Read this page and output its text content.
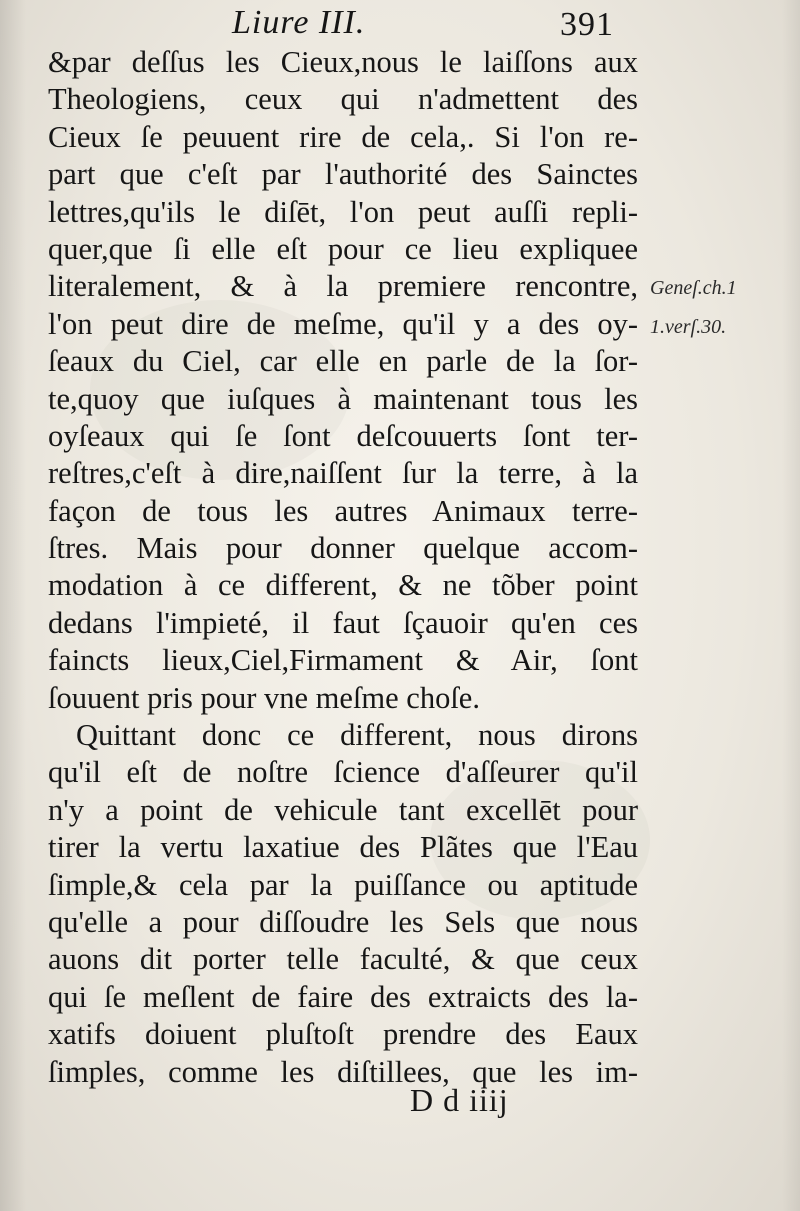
Liure III.	391
&par deſſus les Cieux,nous le laiſſons aux
Theologiens, ceux qui n'admettent des
Cieux ſe peuuent rire de cela,. Si l'on re-
part que c'eſt par l'authorité des Sainctes
lettres,qu'ils le diſēt, l'on peut auſſi repli-
quer,que ſi elle eſt pour ce lieu expliquee
literalement, & à la premiere rencontre,
l'on peut dire de meſme, qu'il y a des oy-
ſeaux du Ciel, car elle en parle de la ſor-
te,quoy que iuſques à maintenant tous les
oyſeaux qui ſe ſont deſcouuerts ſont ter-
reſtres,c'eſt à dire,naiſſent ſur la terre, à la
façon de tous les autres Animaux terre-
ſtres. Mais pour donner quelque accom-
modation à ce different, & ne tõber point
dedans l'impieté, il faut ſçauoir qu'en ces
faincts lieux,Ciel,Firmament & Air, ſont
ſouuent pris pour vne meſme choſe.
Quittant donc ce different, nous dirons
qu'il eſt de noſtre ſcience d'aſſeurer qu'il
n'y a point de vehicule tant excellēt pour
tirer la vertu laxatiue des Plãtes que l'Eau
ſimple,& cela par la puiſſance ou aptitude
qu'elle a pour diſſoudre les Sels que nous
auons dit porter telle faculté, & que ceux
qui ſe meſlent de faire des extraicts des la-
xatifs doiuent pluſtoſt prendre des Eaux
ſimples, comme les diſtillees, que les im-
Geneſ.ch.1
1.verſ.30.
D d iiij
